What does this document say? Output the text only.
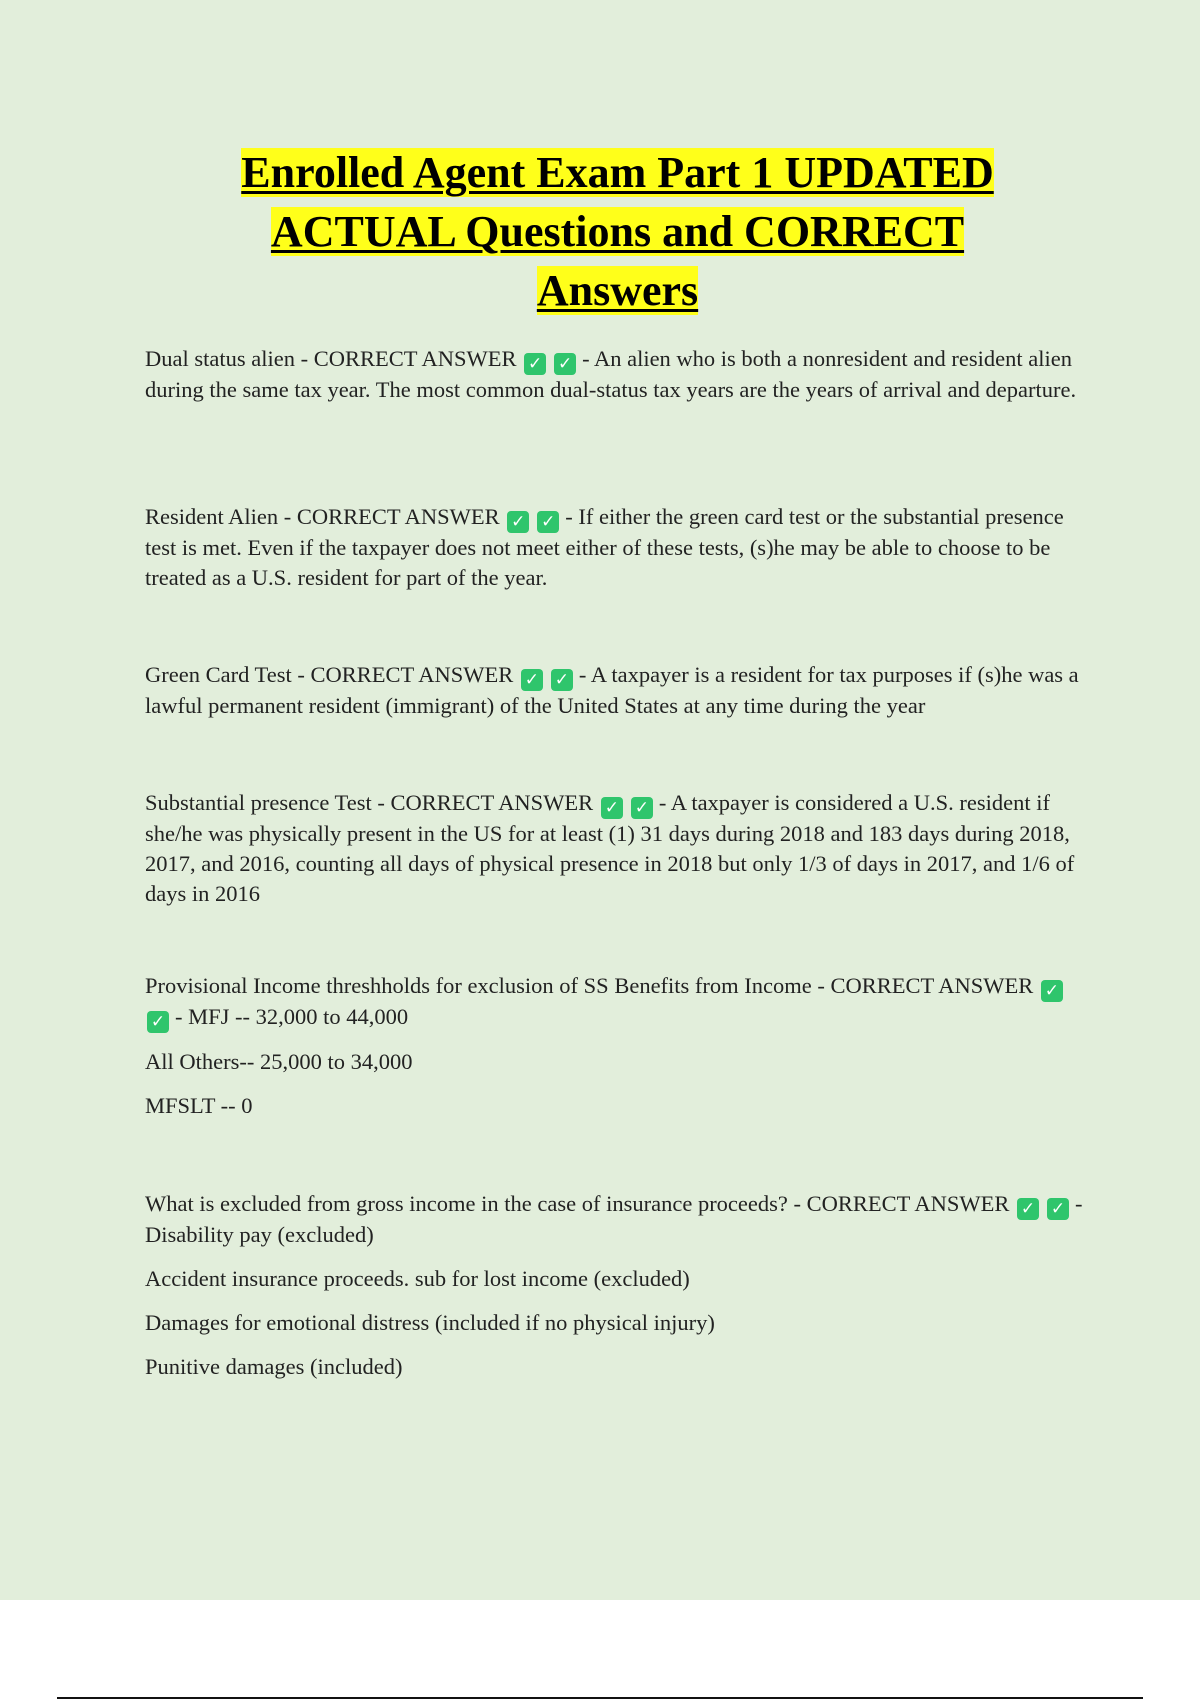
Enrolled Agent Exam Part 1 UPDATED
ACTUAL Questions and CORRECT
Answers

Dual status alien - CORRECT ANSWER ✓ ✓ - An alien who is both a nonresident and resident alien during the same tax year. The most common dual-status tax years are the years of arrival and departure.

Resident Alien - CORRECT ANSWER ✓ ✓ - If either the green card test or the substantial presence test is met. Even if the taxpayer does not meet either of these tests, (s)he may be able to choose to be treated as a U.S. resident for part of the year.

Green Card Test - CORRECT ANSWER ✓ ✓ - A taxpayer is a resident for tax purposes if (s)he was a lawful permanent resident (immigrant) of the United States at any time during the year

Substantial presence Test - CORRECT ANSWER ✓ ✓ - A taxpayer is considered a U.S. resident if she/he was physically present in the US for at least (1) 31 days during 2018 and 183 days during 2018, 2017, and 2016, counting all days of physical presence in 2018 but only 1/3 of days in 2017, and 1/6 of days in 2016

Provisional Income threshholds for exclusion of SS Benefits from Income - CORRECT ANSWER ✓✓ - MFJ -- 32,000 to 44,000

All Others-- 25,000 to 34,000

MFSLT -- 0

What is excluded from gross income in the case of insurance proceeds? - CORRECT ANSWER ✓ ✓ - Disability pay (excluded)

Accident insurance proceeds. sub for lost income (excluded)

Damages for emotional distress (included if no physical injury)

Punitive damages (included)
